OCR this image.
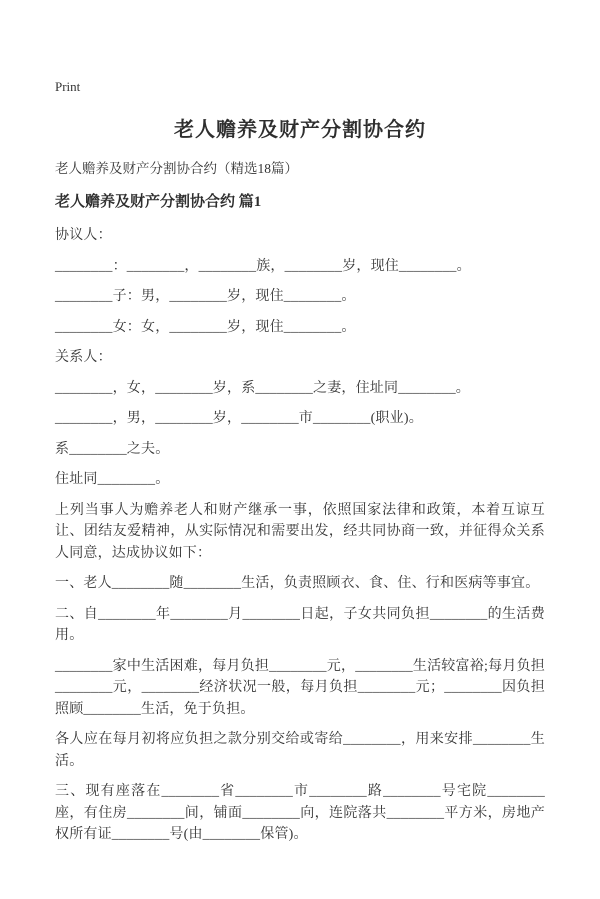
Print
老人赡养及财产分割协合约

老人赡养及财产分割协合约（精选18篇）

老人赡养及财产分割协合约 篇1

协议人：

________：________，________族，________岁，现住________。

________子：男，________岁，现住________。

________女：女，________岁，现住________。

关系人：

________，女，________岁，系________之妻，住址同________。

________，男，________岁，________市________(职业)。

系________之夫。

住址同________。

上列当事人为赡养老人和财产继承一事，依照国家法律和政策，本着互谅互让、团结友爱精神，从实际情况和需要出发，经共同协商一致，并征得众关系人同意，达成协议如下：

一、老人________随________生活，负责照顾衣、食、住、行和医病等事宜。

二、自________年________月________日起，子女共同负担________的生活费用。

________家中生活困难，每月负担________元，________生活较富裕;每月负担________元，________经济状况一般，每月负担________元；________因负担照顾________生活，免于负担。

各人应在每月初将应负担之款分别交给或寄给________，用来安排________生活。

三、现有座落在________省________市________路________号宅院________座，有住房________间，铺面________向，连院落共________平方米，房地产权所有证________号(由________保管)。
